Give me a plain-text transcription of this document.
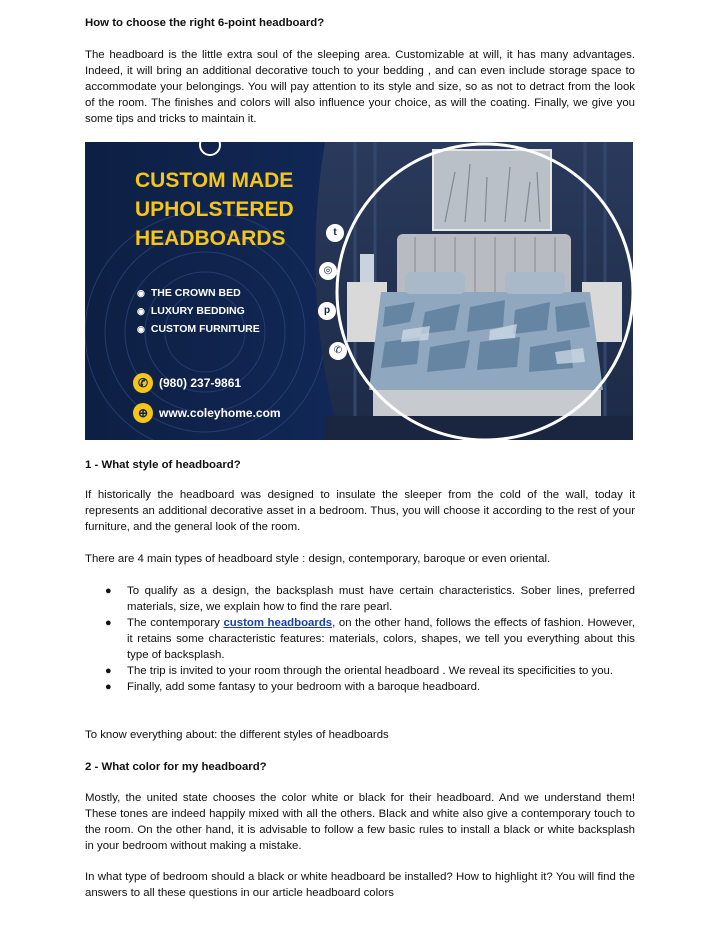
How to choose the right 6-point headboard?
The headboard is the little extra soul of the sleeping area. Customizable at will, it has many advantages. Indeed, it will bring an additional decorative touch to your bedding , and can even include storage space to accommodate your belongings. You will pay attention to its style and size, so as not to detract from the look of the room. The finishes and colors will also influence your choice, as will the coating. Finally, we give you some tips and tricks to maintain it.
1 - What style of headboard?
If historically the headboard was designed to insulate the sleeper from the cold of the wall, today it represents an additional decorative asset in a bedroom. Thus, you will choose it according to the rest of your furniture, and the general look of the room.
There are 4 main types of headboard style : design, contemporary, baroque or even oriental.
● To qualify as a design, the backsplash must have certain characteristics. Sober lines, preferred materials, size, we explain how to find the rare pearl.
● The contemporary custom headboards, on the other hand, follows the effects of fashion. However, it retains some characteristic features: materials, colors, shapes, we tell you everything about this type of backsplash.
● The trip is invited to your room through the oriental headboard . We reveal its specificities to you.
● Finally, add some fantasy to your bedroom with a baroque headboard.
To know everything about: the different styles of headboards
2 - What color for my headboard?
Mostly, the united state chooses the color white or black for their headboard. And we understand them! These tones are indeed happily mixed with all the others. Black and white also give a contemporary touch to the room. On the other hand, it is advisable to follow a few basic rules to install a black or white backsplash in your bedroom without making a mistake.
In what type of bedroom should a black or white headboard be installed? How to highlight it? You will find the answers to all these questions in our article headboard colors
CUSTOM MADE
UPHOLSTERED
HEADBOARDS
◉ THE CROWN BED
◉ LUXURY BEDDING
◉ CUSTOM FURNITURE
✆ (980) 237-9861
⊕ www.coleyhome.com
t
◎
p
✆
